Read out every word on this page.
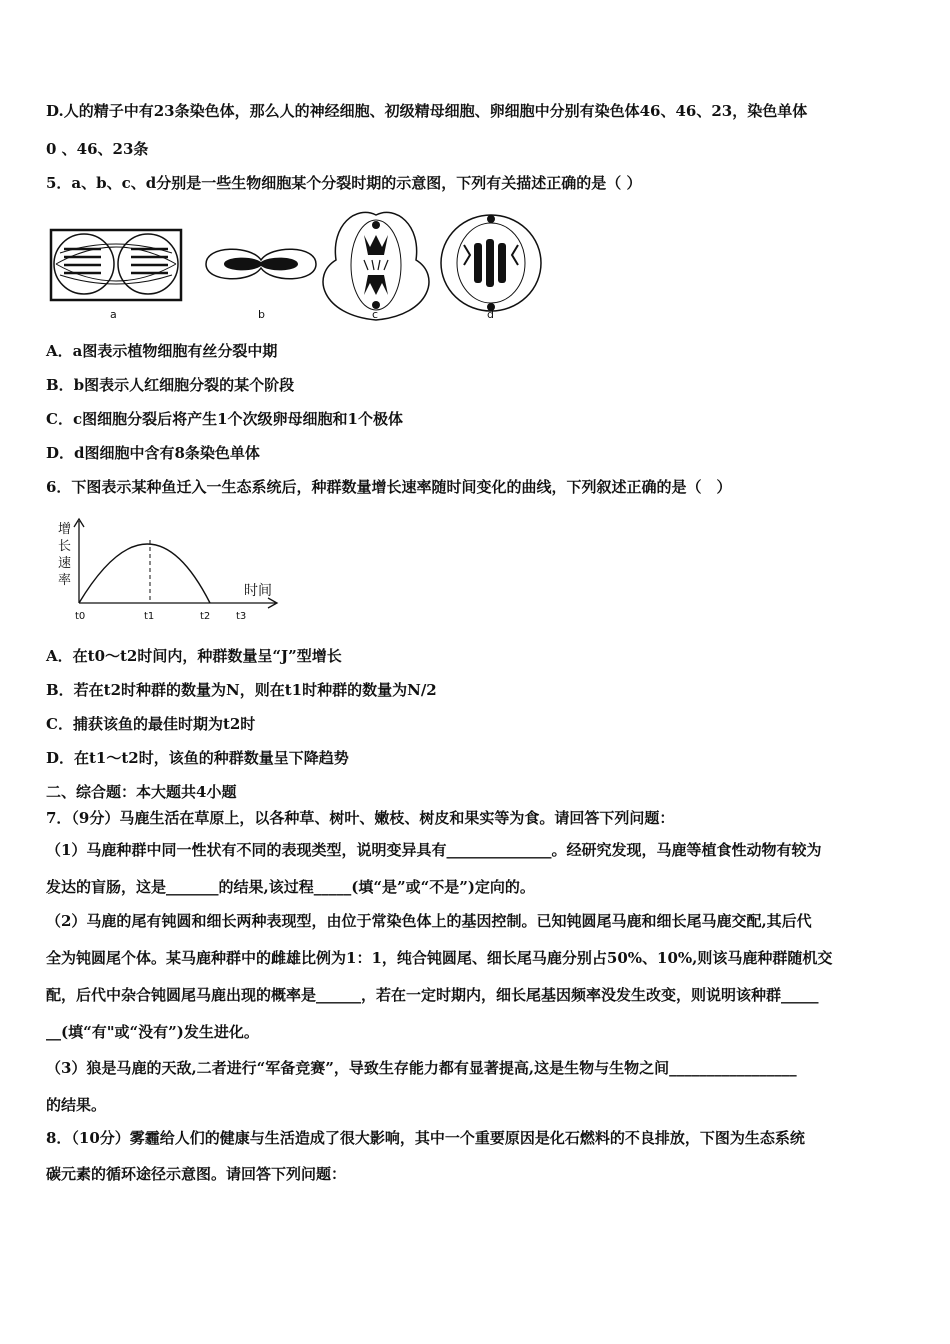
D.人的精子中有23条染色体，那么人的神经细胞、初级精母细胞、卵细胞中分别有染色体46、46、23，染色单体
0 、46、23条
5．a、b、c、d分别是一些生物细胞某个分裂时期的示意图，下列有关描述正确的是（ ）
a	b	c	d
A．a图表示植物细胞有丝分裂中期
B．b图表示人红细胞分裂的某个阶段
C．c图细胞分裂后将产生1个次级卵母细胞和1个极体
D．d图细胞中含有8条染色单体
6．下图表示某种鱼迁入一生态系统后，种群数量增长速率随时间变化的曲线，下列叙述正确的是（　）
增
长
速
率
时间
t0	t1	t2	t3
A．在t0～t2时间内，种群数量呈“J”型增长
B．若在t2时种群的数量为N，则在t1时种群的数量为N/2
C．捕获该鱼的最佳时期为t2时
D．在t1～t2时，该鱼的种群数量呈下降趋势
二、综合题：本大题共4小题
7．（9分）马鹿生活在草原上，以各种草、树叶、嫩枝、树皮和果实等为食。请回答下列问题：
（1）马鹿种群中同一性状有不同的表现类型，说明变异具有______________。经研究发现，马鹿等植食性动物有较为
发达的盲肠，这是_______的结果,该过程_____(填“是”或“不是”)定向的。
（2）马鹿的尾有钝圆和细长两种表现型，由位于常染色体上的基因控制。已知钝圆尾马鹿和细长尾马鹿交配,其后代
全为钝圆尾个体。某马鹿种群中的雌雄比例为1：1，纯合钝圆尾、细长尾马鹿分别占50%、10%,则该马鹿种群随机交
配，后代中杂合钝圆尾马鹿出现的概率是______，若在一定时期内，细长尾基因频率没发生改变，则说明该种群_____
__(填“有"或“没有”)发生进化。
（3）狼是马鹿的天敌,二者进行“军备竞赛”，导致生存能力都有显著提高,这是生物与生物之间_________________
的结果。
8．（10分）雾霾给人们的健康与生活造成了很大影响，其中一个重要原因是化石燃料的不良排放，下图为生态系统
碳元素的循环途径示意图。请回答下列问题：
